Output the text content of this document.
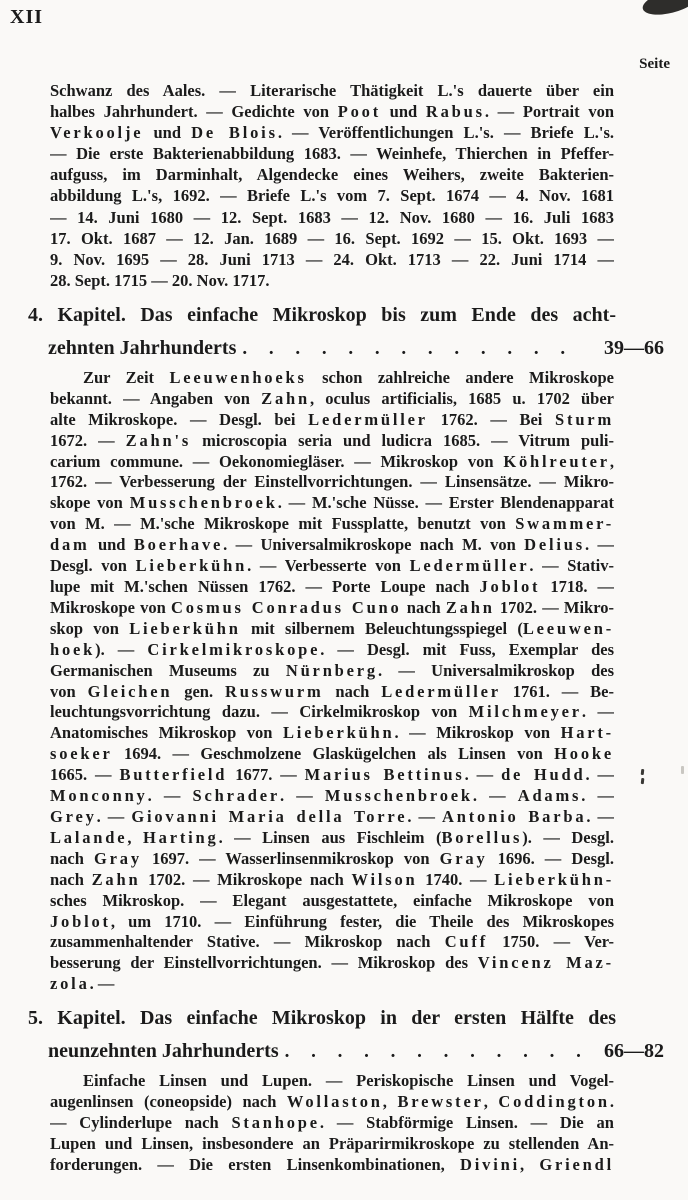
XII
Seite
Schwanz des Aales. — Literarische Thätigkeit L.'s dauerte über ein
halbes Jahrhundert. — Gedichte von Poot und Rabus. — Portrait von
Verkoolje und De Blois. — Veröffentlichungen L.'s. — Briefe L.'s.
— Die erste Bakterienabbildung 1683. — Weinhefe, Thierchen in Pfeffer-
aufguss, im Darminhalt, Algendecke eines Weihers, zweite Bakterien-
abbildung L.'s, 1692. — Briefe L.'s vom 7. Sept. 1674 — 4. Nov. 1681
— 14. Juni 1680 — 12. Sept. 1683 — 12. Nov. 1680 — 16. Juli 1683
17. Okt. 1687 — 12. Jan. 1689 — 16. Sept. 1692 — 15. Okt. 1693 —
9. Nov. 1695 — 28. Juni 1713 — 24. Okt. 1713 — 22. Juni 1714 —
28. Sept. 1715 — 20. Nov. 1717.
4. Kapitel. Das einfache Mikroskop bis zum Ende des acht-
zehnten Jahrhunderts . . . . . . . . . . . . .	39—66
Zur Zeit Leeuwenhoeks schon zahlreiche andere Mikroskope
bekannt. — Angaben von Zahn, oculus artificialis, 1685 u. 1702 über
alte Mikroskope. — Desgl. bei Ledermüller 1762. — Bei Sturm
1672. — Zahn's microscopia seria und ludicra 1685. — Vitrum puli-
carium commune. — Oekonomiegläser. — Mikroskop von Köhlreuter,
1762. — Verbesserung der Einstellvorrichtungen. — Linsensätze. — Mikro-
skope von Musschenbroek. — M.'sche Nüsse. — Erster Blendenapparat
von M. — M.'sche Mikroskope mit Fussplatte, benutzt von Swammer-
dam und Boerhave. — Universalmikroskope nach M. von Delius. —
Desgl. von Lieberkühn. — Verbesserte von Ledermüller. — Stativ-
lupe mit M.'schen Nüssen 1762. — Porte Loupe nach Joblot 1718. —
Mikroskope von Cosmus Conradus Cuno nach Zahn 1702. — Mikro-
skop von Lieberkühn mit silbernem Beleuchtungsspiegel (Leeuwen-
hoek). — Cirkelmikroskope. — Desgl. mit Fuss, Exemplar des
Germanischen Museums zu Nürnberg. — Universalmikroskop des
von Gleichen gen. Russwurm nach Ledermüller 1761. — Be-
leuchtungsvorrichtung dazu. — Cirkelmikroskop von Milchmeyer. —
Anatomisches Mikroskop von Lieberkühn. — Mikroskop von Hart-
soeker 1694. — Geschmolzene Glaskügelchen als Linsen von Hooke
1665. — Butterfield 1677. — Marius Bettinus. — de Hudd. —
Monconny. — Schrader. — Musschenbroek. — Adams. —
Grey. — Giovanni Maria della Torre. — Antonio Barba. —
Lalande, Harting. — Linsen aus Fischleim (Borellus). — Desgl.
nach Gray 1697. — Wasserlinsenmikroskop von Gray 1696. — Desgl.
nach Zahn 1702. — Mikroskope nach Wilson 1740. — Lieberkühn-
sches Mikroskop. — Elegant ausgestattete, einfache Mikroskope von
Joblot, um 1710. — Einführung fester, die Theile des Mikroskopes
zusammenhaltender Stative. — Mikroskop nach Cuff 1750. — Ver-
besserung der Einstellvorrichtungen. — Mikroskop des Vincenz Maz-
zola. —
5. Kapitel. Das einfache Mikroskop in der ersten Hälfte des
neunzehnten Jahrhunderts . . . . . . . . . . . .	66—82
Einfache Linsen und Lupen. — Periskopische Linsen und Vogel-
augenlinsen (coneopside) nach Wollaston, Brewster, Coddington.
— Cylinderlupe nach Stanhope. — Stabförmige Linsen. — Die an
Lupen und Linsen, insbesondere an Präparirmikroskope zu stellenden An-
forderungen. — Die ersten Linsenkombinationen, Divini, Griendl
